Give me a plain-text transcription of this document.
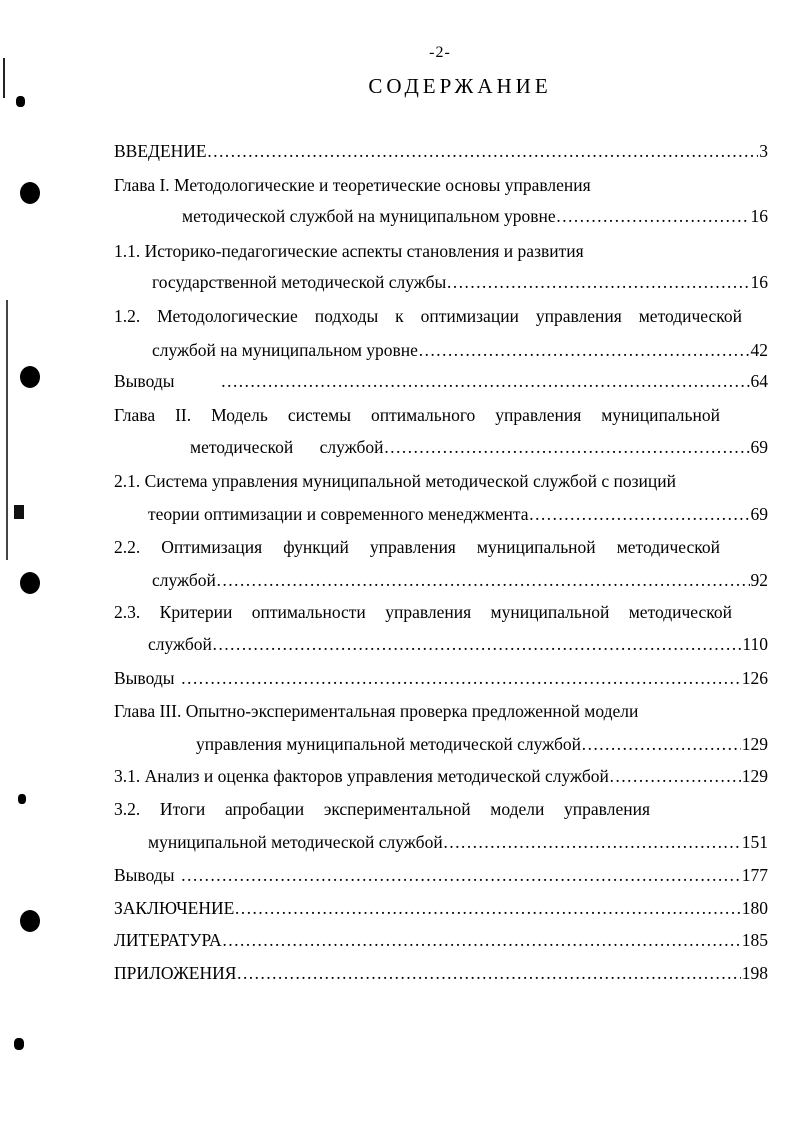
-2-
СОДЕРЖАНИЕ
ВВЕДЕНИЕ …………………………………………………………………………………………………………………………………………………………	3
Глава I. Методологические и теоретические основы управления
методической службой на муниципальном уровне …………………………………………………………………………………………………………………………………………………………	16
1.1. Историко-педагогические аспекты становления и развития
государственной методической службы …………………………………………………………………………………………………………………………………………………………	16
1.2. Методологические подходы к оптимизации управления методической
службой на муниципальном уровне …………………………………………………………………………………………………………………………………………………………	42
Выводы …………………………………………………………………………………………………………………………………………………………	64
Глава II. Модель системы оптимального управления муниципальной
методической службой …………………………………………………………………………………………………………………………………………………………	69
2.1. Система управления муниципальной методической службой с позиций
теории оптимизации и современного менеджмента …………………………………………………………………………………………………………………………………………………………	69
2.2. Оптимизация функций управления муниципальной методической
службой …………………………………………………………………………………………………………………………………………………………	92
2.3. Критерии оптимальности управления муниципальной методической
службой …………………………………………………………………………………………………………………………………………………………	110
Выводы …………………………………………………………………………………………………………………………………………………………	126
Глава III. Опытно-экспериментальная проверка предложенной модели
управления муниципальной методической службой …………………………………………………………………………………………………………………………………………………………	129
3.1. Анализ и оценка факторов управления методической службой …………………………………………………………………………………………………………………………………………………………	129
3.2. Итоги апробации экспериментальной модели управления
муниципальной методической службой …………………………………………………………………………………………………………………………………………………………	151
Выводы …………………………………………………………………………………………………………………………………………………………	177
ЗАКЛЮЧЕНИЕ …………………………………………………………………………………………………………………………………………………………	180
ЛИТЕРАТУРА …………………………………………………………………………………………………………………………………………………………	185
ПРИЛОЖЕНИЯ …………………………………………………………………………………………………………………………………………………………	198
